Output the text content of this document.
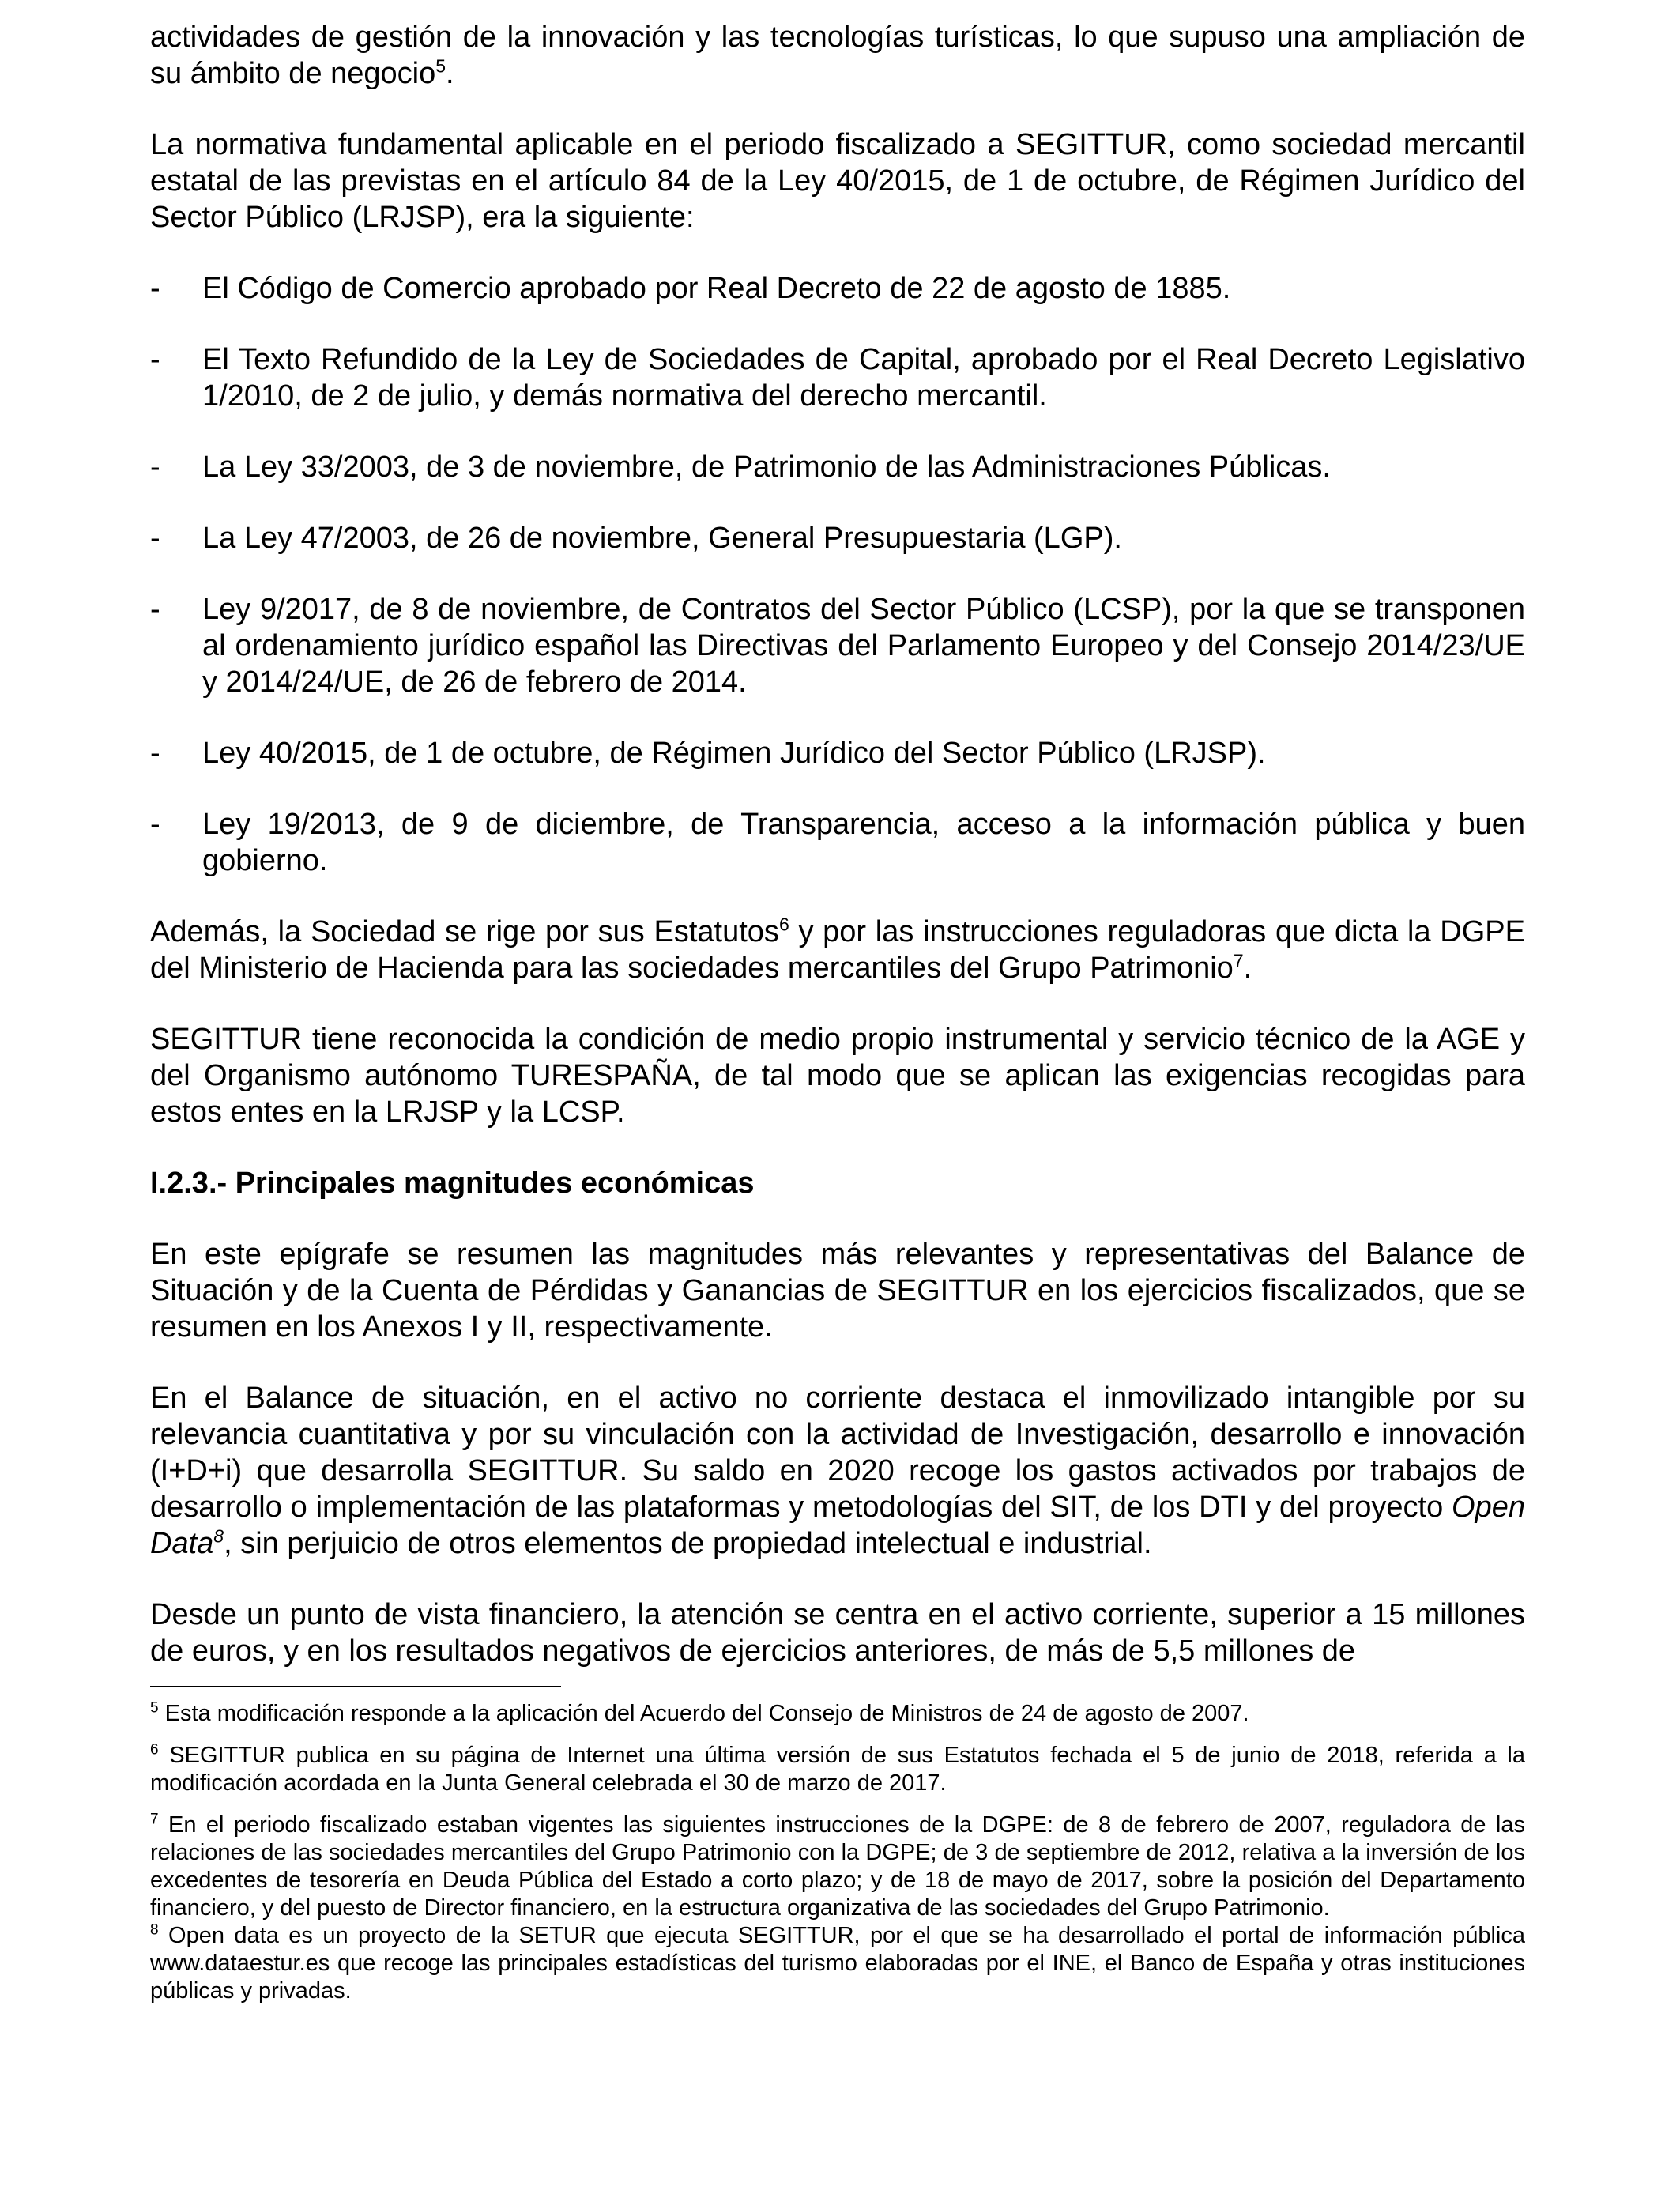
actividades de gestión de la innovación y las tecnologías turísticas, lo que supuso una ampliación de su ámbito de negocio$^5$.

La normativa fundamental aplicable en el periodo fiscalizado a SEGITTUR, como sociedad mercantil estatal de las previstas en el artículo 84 de la Ley 40/2015, de 1 de octubre, de Régimen Jurídico del Sector Público (LRJSP), era la siguiente:

-	El Código de Comercio aprobado por Real Decreto de 22 de agosto de 1885.
-	El Texto Refundido de la Ley de Sociedades de Capital, aprobado por el Real Decreto Legislativo 1/2010, de 2 de julio, y demás normativa del derecho mercantil.
-	La Ley 33/2003, de 3 de noviembre, de Patrimonio de las Administraciones Públicas.
-	La Ley 47/2003, de 26 de noviembre, General Presupuestaria (LGP).
-	Ley 9/2017, de 8 de noviembre, de Contratos del Sector Público (LCSP), por la que se transponen al ordenamiento jurídico español las Directivas del Parlamento Europeo y del Consejo 2014/23/UE y 2014/24/UE, de 26 de febrero de 2014.
-	Ley 40/2015, de 1 de octubre, de Régimen Jurídico del Sector Público (LRJSP).
-	Ley 19/2013, de 9 de diciembre, de Transparencia, acceso a la información pública y buen gobierno.

Además, la Sociedad se rige por sus Estatutos$^6$ y por las instrucciones reguladoras que dicta la DGPE del Ministerio de Hacienda para las sociedades mercantiles del Grupo Patrimonio$^7$.

SEGITTUR tiene reconocida la condición de medio propio instrumental y servicio técnico de la AGE y del Organismo autónomo TURESPAÑA, de tal modo que se aplican las exigencias recogidas para estos entes en la LRJSP y la LCSP.

I.2.3.- Principales magnitudes económicas

En este epígrafe se resumen las magnitudes más relevantes y representativas del Balance de Situación y de la Cuenta de Pérdidas y Ganancias de SEGITTUR en los ejercicios fiscalizados, que se resumen en los Anexos I y II, respectivamente.

En el Balance de situación, en el activo no corriente destaca el inmovilizado intangible por su relevancia cuantitativa y por su vinculación con la actividad de Investigación, desarrollo e innovación (I+D+i) que desarrolla SEGITTUR. Su saldo en 2020 recoge los gastos activados por trabajos de desarrollo o implementación de las plataformas y metodologías del SIT, de los DTI y del proyecto Open Data$^8$, sin perjuicio de otros elementos de propiedad intelectual e industrial.

Desde un punto de vista financiero, la atención se centra en el activo corriente, superior a 15 millones de euros, y en los resultados negativos de ejercicios anteriores, de más de 5,5 millones de

$^5$ Esta modificación responde a la aplicación del Acuerdo del Consejo de Ministros de 24 de agosto de 2007.

$^6$ SEGITTUR publica en su página de Internet una última versión de sus Estatutos fechada el 5 de junio de 2018, referida a la modificación acordada en la Junta General celebrada el 30 de marzo de 2017.

$^7$ En el periodo fiscalizado estaban vigentes las siguientes instrucciones de la DGPE: de 8 de febrero de 2007, reguladora de las relaciones de las sociedades mercantiles del Grupo Patrimonio con la DGPE; de 3 de septiembre de 2012, relativa a la inversión de los excedentes de tesorería en Deuda Pública del Estado a corto plazo; y de 18 de mayo de 2017, sobre la posición del Departamento financiero, y del puesto de Director financiero, en la estructura organizativa de las sociedades del Grupo Patrimonio.

$^8$ Open data es un proyecto de la SETUR que ejecuta SEGITTUR, por el que se ha desarrollado el portal de información pública www.dataestur.es que recoge las principales estadísticas del turismo elaboradas por el INE, el Banco de España y otras instituciones públicas y privadas.
